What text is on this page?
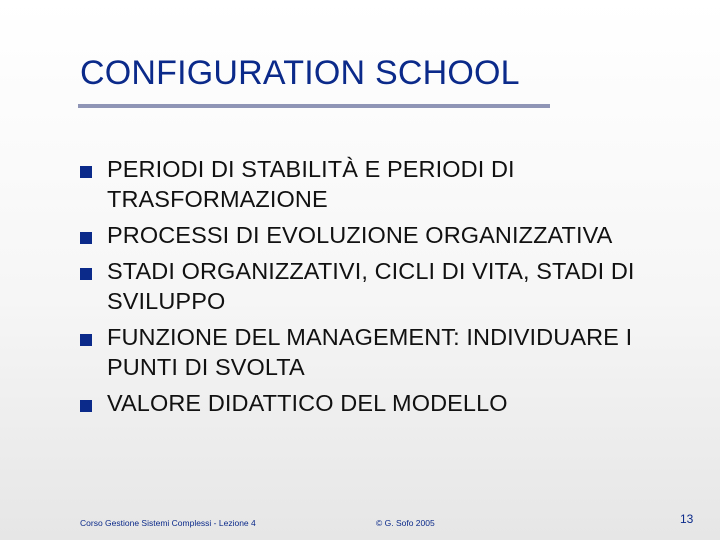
CONFIGURATION SCHOOL
PERIODI DI STABILITÀ E PERIODI DI TRASFORMAZIONE
PROCESSI DI EVOLUZIONE ORGANIZZATIVA
STADI ORGANIZZATIVI, CICLI DI VITA, STADI DI SVILUPPO
FUNZIONE DEL MANAGEMENT: INDIVIDUARE I PUNTI DI SVOLTA
VALORE DIDATTICO DEL MODELLO
Corso Gestione Sistemi Complessi - Lezione 4	© G. Sofo 2005	13
